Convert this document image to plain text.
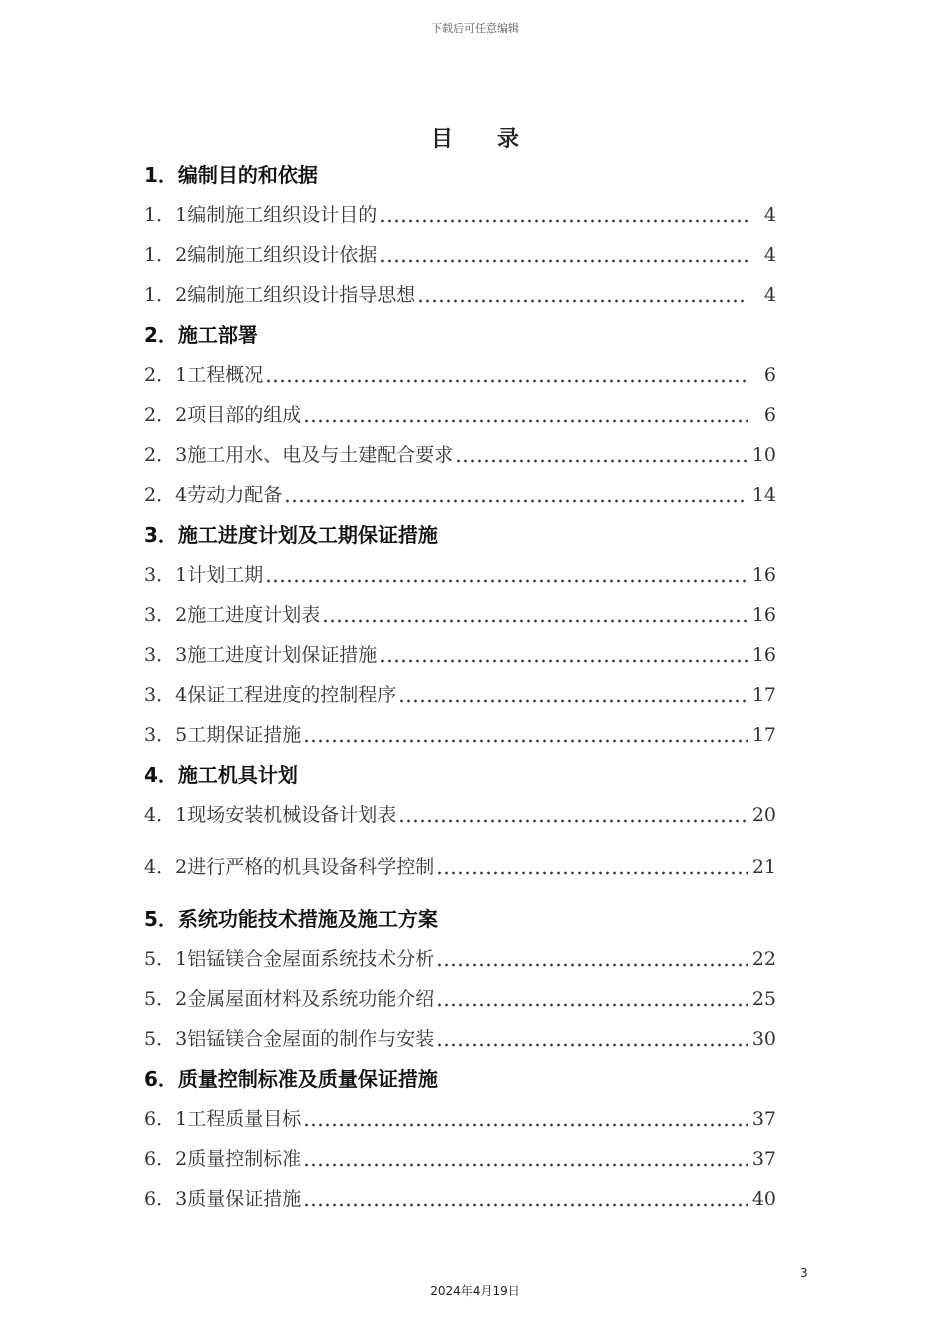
下载后可任意编辑
目 录
1．编制目的和依据
1．1 编制施工组织设计目的	4
1．2 编制施工组织设计依据	4
1．2 编制施工组织设计指导思想	4
2．施工部署
2．1 工程概况	6
2．2 项目部的组成	6
2．3 施工用水、电及与土建配合要求	10
2．4 劳动力配备	14
3．施工进度计划及工期保证措施
3．1 计划工期	16
3．2 施工进度计划表	16
3．3 施工进度计划保证措施	16
3．4 保证工程进度的控制程序	17
3．5 工期保证措施	17
4．施工机具计划
4．1 现场安装机械设备计划表	20
4．2 进行严格的机具设备科学控制	21
5．系统功能技术措施及施工方案
5．1 铝锰镁合金屋面系统技术分析	22
5．2 金属屋面材料及系统功能介绍	25
5．3 铝锰镁合金屋面的制作与安装	30
6．质量控制标准及质量保证措施
6．1 工程质量目标	37
6．2 质量控制标准	37
6．3 质量保证措施	40
3
2024年4月19日
